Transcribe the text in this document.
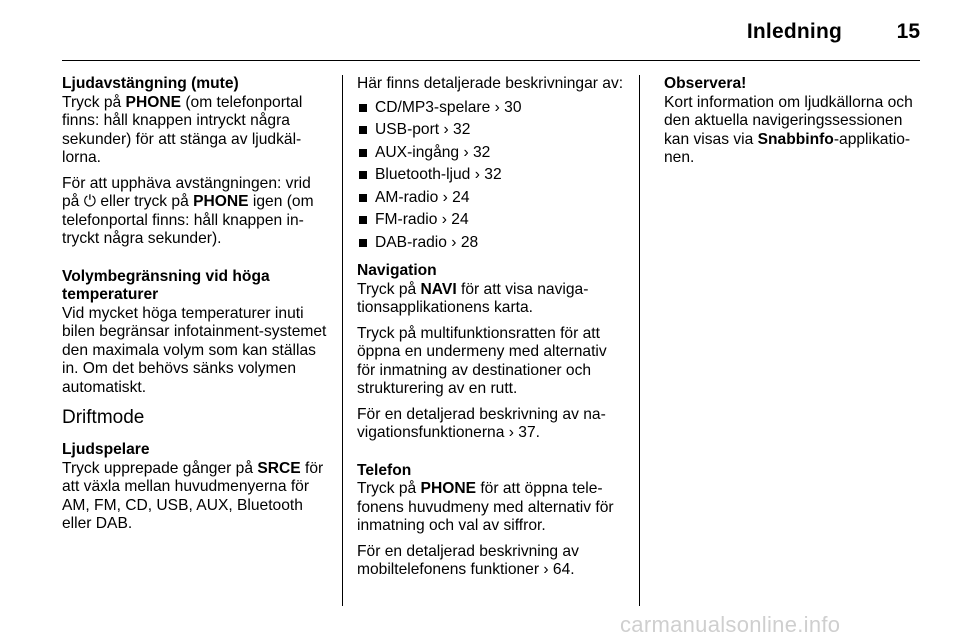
Inledning	15

Ljudavstängning (mute)

Tryck på PHONE (om telefonportal finns: håll knappen intryckt några sekunder) för att stänga av ljudkäl-lorna.

För att upphäva avstängningen: vrid på ⏻ eller tryck på PHONE igen (om telefonportal finns: håll knappen in-tryckt några sekunder).

Volymbegränsning vid höga temperaturer

Vid mycket höga temperaturer inuti bilen begränsar infotainment-systemet den maximala volym som kan ställas in. Om det behövs sänks volymen automatiskt.

Driftmode

Ljudspelare

Tryck upprepade gånger på SRCE för att växla mellan huvudmenyerna för AM, FM, CD, USB, AUX, Bluetooth eller DAB.

Här finns detaljerade beskrivningar av:

CD/MP3-spelare › 30
USB-port › 32
AUX-ingång › 32
Bluetooth-ljud › 32
AM-radio › 24
FM-radio › 24
DAB-radio › 28

Navigation

Tryck på NAVI för att visa naviga-tionsapplikationens karta.

Tryck på multifunktionsratten för att öppna en undermeny med alternativ för inmatning av destinationer och strukturering av en rutt.

För en detaljerad beskrivning av na-vigationsfunktionerna › 37.

Telefon

Tryck på PHONE för att öppna tele-fonens huvudmeny med alternativ för inmatning och val av siffror.

För en detaljerad beskrivning av mobiltelefonens funktioner › 64.

Observera!

Kort information om ljudkällorna och den aktuella navigeringssessionen kan visas via Snabbinfo-applikatio-nen.

carmanualsonline.info
